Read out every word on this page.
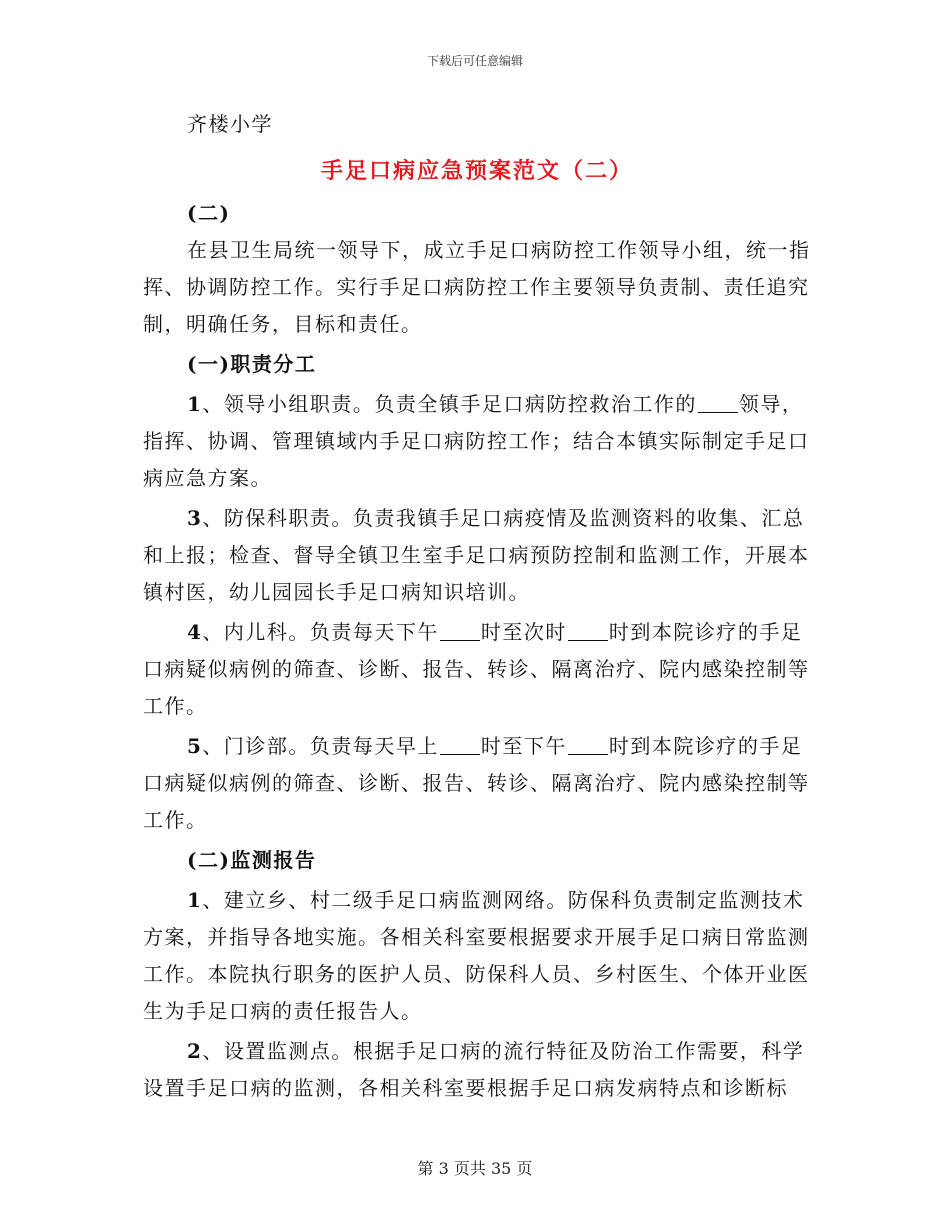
下载后可任意编辑

齐楼小学

手足口病应急预案范文（二）

(二)

在县卫生局统一领导下，成立手足口病防控工作领导小组，统一指挥、协调防控工作。实行手足口病防控工作主要领导负责制、责任追究制，明确任务，目标和责任。

(一)职责分工

1、领导小组职责。负责全镇手足口病防控救治工作的 领导，指挥、协调、管理镇域内手足口病防控工作；结合本镇实际制定手足口病应急方案。

3、防保科职责。负责我镇手足口病疫情及监测资料的收集、汇总和上报；检查、督导全镇卫生室手足口病预防控制和监测工作，开展本镇村医，幼儿园园长手足口病知识培训。

4、内儿科。负责每天下午 时至次时 时到本院诊疗的手足口病疑似病例的筛查、诊断、报告、转诊、隔离治疗、院内感染控制等工作。

5、门诊部。负责每天早上 时至下午 时到本院诊疗的手足口病疑似病例的筛查、诊断、报告、转诊、隔离治疗、院内感染控制等工作。

(二)监测报告

1、建立乡、村二级手足口病监测网络。防保科负责制定监测技术方案，并指导各地实施。各相关科室要根据要求开展手足口病日常监测工作。本院执行职务的医护人员、防保科人员、乡村医生、个体开业医生为手足口病的责任报告人。

2、设置监测点。根据手足口病的流行特征及防治工作需要，科学设置手足口病的监测，各相关科室要根据手足口病发病特点和诊断标

第 3 页共 35 页
